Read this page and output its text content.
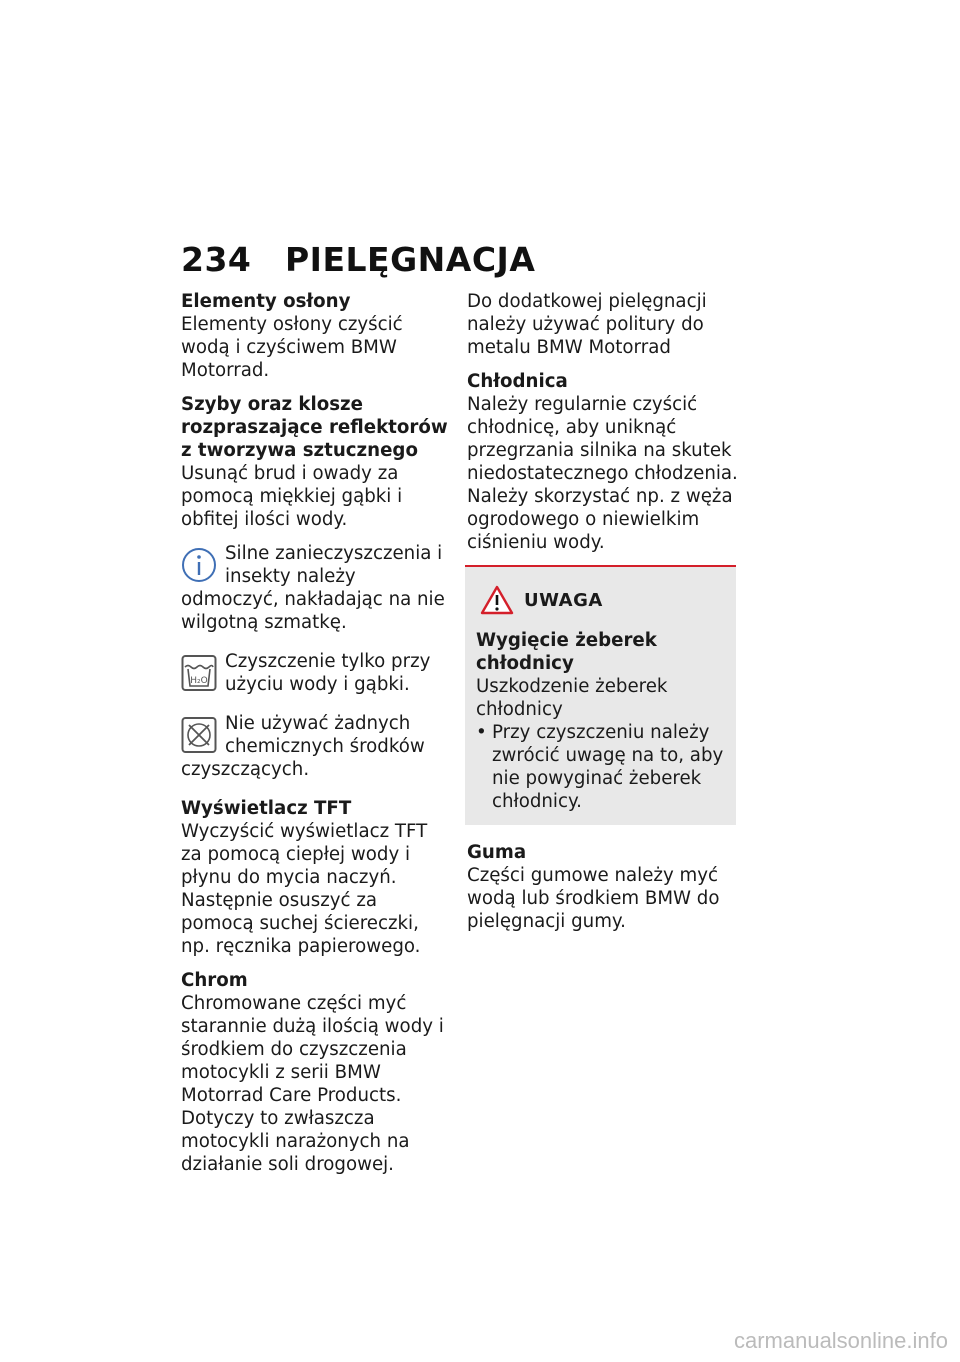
234 PIELĘGNACJA
Elementy osłony

Elementy osłony czyścić wodą i czyściwem BMW Motorrad.

Szyby oraz klosze rozpraszające reflektorów z tworzywa sztucznego

Usunąć brud i owady za pomocą miękkiej gąbki i obfitej ilości wody.

Silne zanieczyszczenia i insekty należy odmoczyć, nakładając na nie wilgotną szmatkę.

H₂O

Czyszczenie tylko przy użyciu wody i gąbki.

Nie używać żadnych chemicznych środków czyszczących.

Wyświetlacz TFT

Wyczyścić wyświetlacz TFT za pomocą ciepłej wody i płynu do mycia naczyń. Następnie osuszyć za pomocą suchej ściereczki, np. ręcznika papierowego.

Chrom

Chromowane części myć starannie dużą ilością wody i środkiem do czyszczenia motocykli z serii BMW Motorrad Care Products. Dotyczy to zwłaszcza motocykli narażonych na działanie soli drogowej.

Do dodatkowej pielęgnacji należy używać politury do metalu BMW Motorrad

Chłodnica

Należy regularnie czyścić chłodnicę, aby uniknąć przegrzania silnika na skutek niedostatecznego chłodzenia.

Należy skorzystać np. z węża ogrodowego o niewielkim ciśnieniu wody.

UWAGA
Wygięcie żeberek chłodnicy

Uszkodzenie żeberek chłodnicy

• Przy czyszczeniu należy zwrócić uwagę na to, aby nie powyginać żeberek chłodnicy.
Guma

Części gumowe należy myć wodą lub środkiem BMW do pielęgnacji gumy.

carmanualsonline.info
